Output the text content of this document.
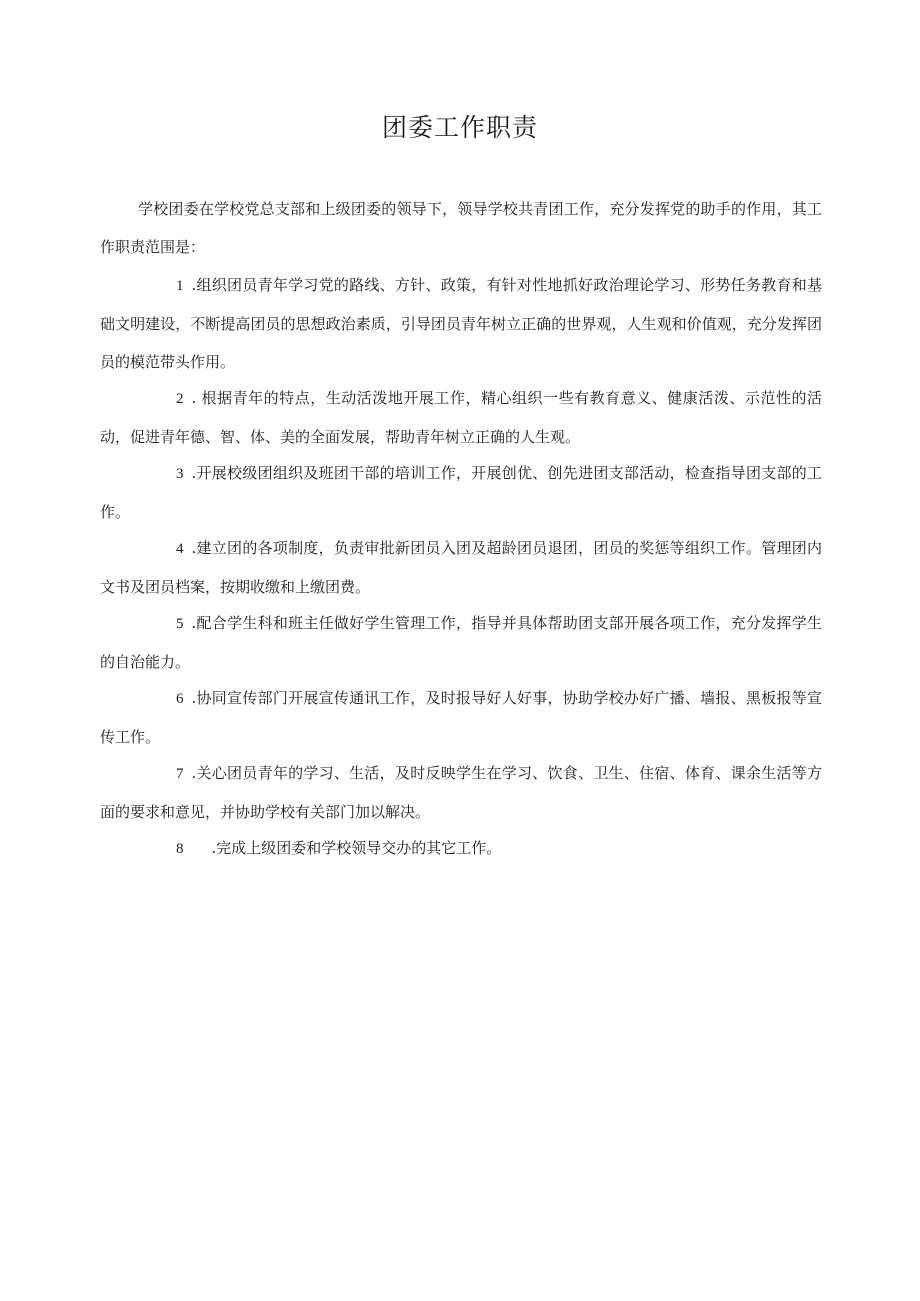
团委工作职责

学校团委在学校党总支部和上级团委的领导下，领导学校共青团工作，充分发挥党的助手的作用，其工作职责范围是：

1 .组织团员青年学习党的路线、方针、政策，有针对性地抓好政治理论学习、形势任务教育和基础文明建设，不断提高团员的思想政治素质，引导团员青年树立正确的世界观，人生观和价值观，充分发挥团员的模范带头作用。

2 . 根据青年的特点，生动活泼地开展工作，精心组织一些有教育意义、健康活泼、示范性的活动，促进青年德、智、体、美的全面发展，帮助青年树立正确的人生观。

3 .开展校级团组织及班团干部的培训工作，开展创优、创先进团支部活动，检查指导团支部的工作。

4 .建立团的各项制度，负责审批新团员入团及超龄团员退团，团员的奖惩等组织工作。管理团内文书及团员档案，按期收缴和上缴团费。

5 .配合学生科和班主任做好学生管理工作，指导并具体帮助团支部开展各项工作，充分发挥学生的自治能力。

6 .协同宣传部门开展宣传通讯工作，及时报导好人好事，协助学校办好广播、墙报、黑板报等宣传工作。

7 .关心团员青年的学习、生活，及时反映学生在学习、饮食、卫生、住宿、体育、课余生活等方面的要求和意见，并协助学校有关部门加以解决。

8 .完成上级团委和学校领导交办的其它工作。
